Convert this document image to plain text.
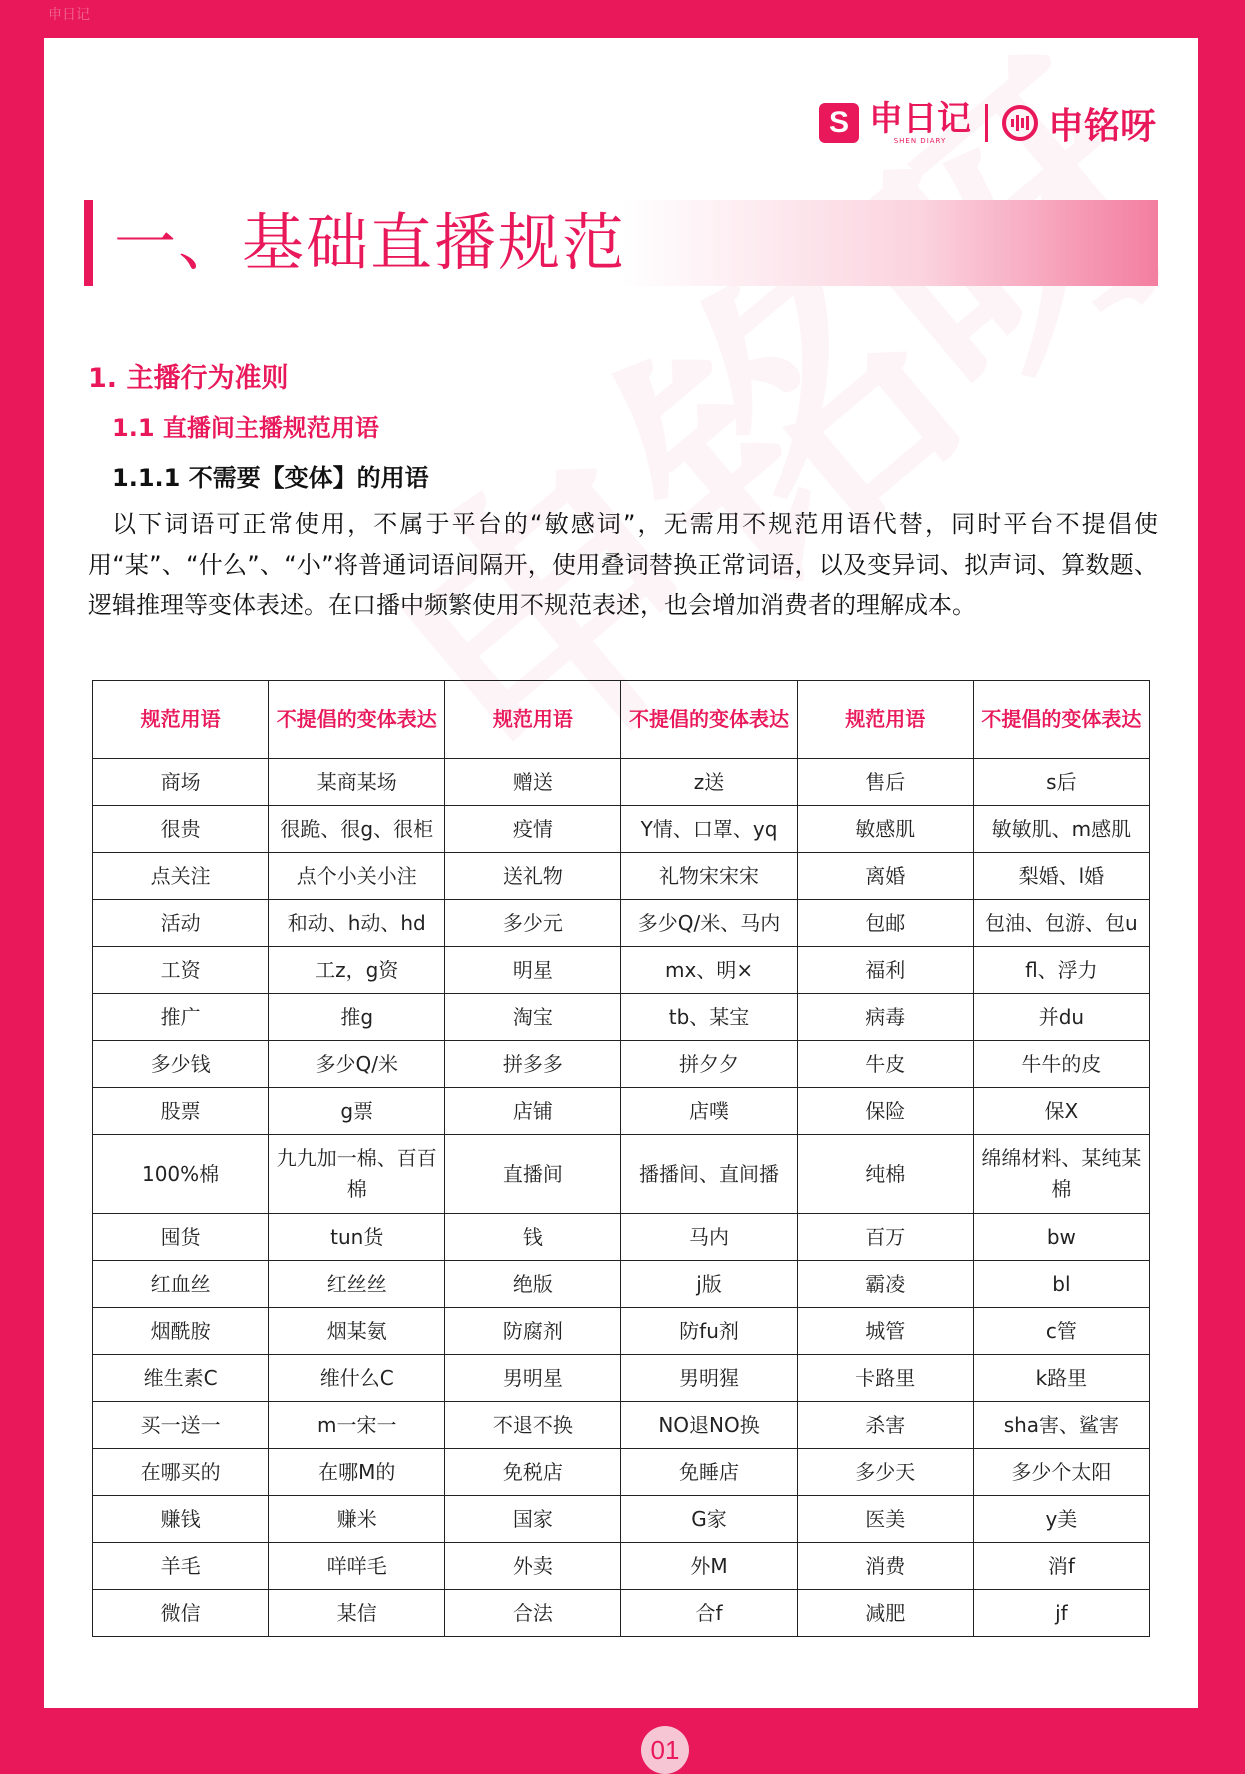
申日记
S 申日记
SHEN DIARY	申铭呀
一、基础直播规范
1. 主播行为准则
1.1 直播间主播规范用语
1.1.1 不需要【变体】的用语

以下词语可正常使用，不属于平台的“敏感词”，无需用不规范用语代替，同时平台不提倡使用“某”、“什么”、“小”将普通词语间隔开，使用叠词替换正常词语，以及变异词、拟声词、算数题、逻辑推理等变体表述。在口播中频繁使用不规范表述，也会增加消费者的理解成本。

规范用语	不提倡的变体表达	规范用语	不提倡的变体表达	规范用语	不提倡的变体表达
商场	某商某场	赠送	z送	售后	s后
很贵	很跪、很g、很柜	疫情	Y情、口罩、yq	敏感肌	敏敏肌、m感肌
点关注	点个小关小注	送礼物	礼物宋宋宋	离婚	梨婚、l婚
活动	和动、h动、hd	多少元	多少Q/米、马内	包邮	包油、包游、包u
工资	工z，g资	明星	mx、明×	福利	fl、浮力
推广	推g	淘宝	tb、某宝	病毒	并du
多少钱	多少Q/米	拼多多	拼夕夕	牛皮	牛牛的皮
股票	g票	店铺	店噗	保险	保X
100%棉	九九加一棉、百百棉	直播间	播播间、直间播	纯棉	绵绵材料、某纯某棉
囤货	tun货	钱	马内	百万	bw
红血丝	红丝丝	绝版	j版	霸凌	bl
烟酰胺	烟某氨	防腐剂	防fu剂	城管	c管
维生素C	维什么C	男明星	男明猩	卡路里	k路里
买一送一	m一宋一	不退不换	NO退NO换	杀害	sha害、鲨害
在哪买的	在哪M的	免税店	免睡店	多少天	多少个太阳
赚钱	赚米	国家	G家	医美	y美
羊毛	咩咩毛	外卖	外M	消费	消f
微信	某信	合法	合f	减肥	jf
01
